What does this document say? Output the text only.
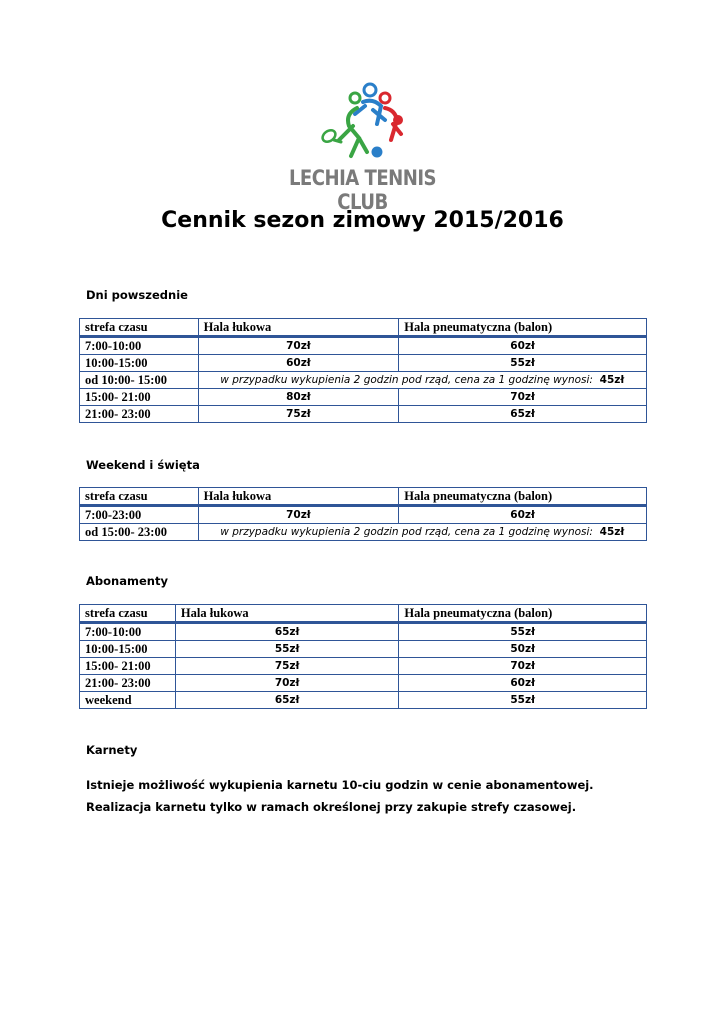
LECHIA TENNIS CLUB
Cennik sezon zimowy 2015/2016
Dni powszednie
strefa czasu	Hala łukowa	Hala pneumatyczna (balon)
7:00-10:00	70zł	60zł
10:00-15:00	60zł	55zł
od 10:00- 15:00	w przypadku wykupienia 2 godzin pod rząd, cena za 1 godzinę wynosi: 45zł	
15:00- 21:00	80zł	70zł
21:00- 23:00	75zł	65zł
Weekend i święta
strefa czasu	Hala łukowa	Hala pneumatyczna (balon)
7:00-23:00	70zł	60zł
od 15:00- 23:00	w przypadku wykupienia 2 godzin pod rząd, cena za 1 godzinę wynosi: 45zł	
Abonamenty
strefa czasu	Hala łukowa	Hala pneumatyczna (balon)
7:00-10:00	65zł	55zł
10:00-15:00	55zł	50zł
15:00- 21:00	75zł	70zł
21:00- 23:00	70zł	60zł
weekend	65zł	55zł
Karnety
Istnieje możliwość wykupienia karnetu 10-ciu godzin w cenie abonamentowej. Realizacja karnetu tylko w ramach określonej przy zakupie strefy czasowej.
